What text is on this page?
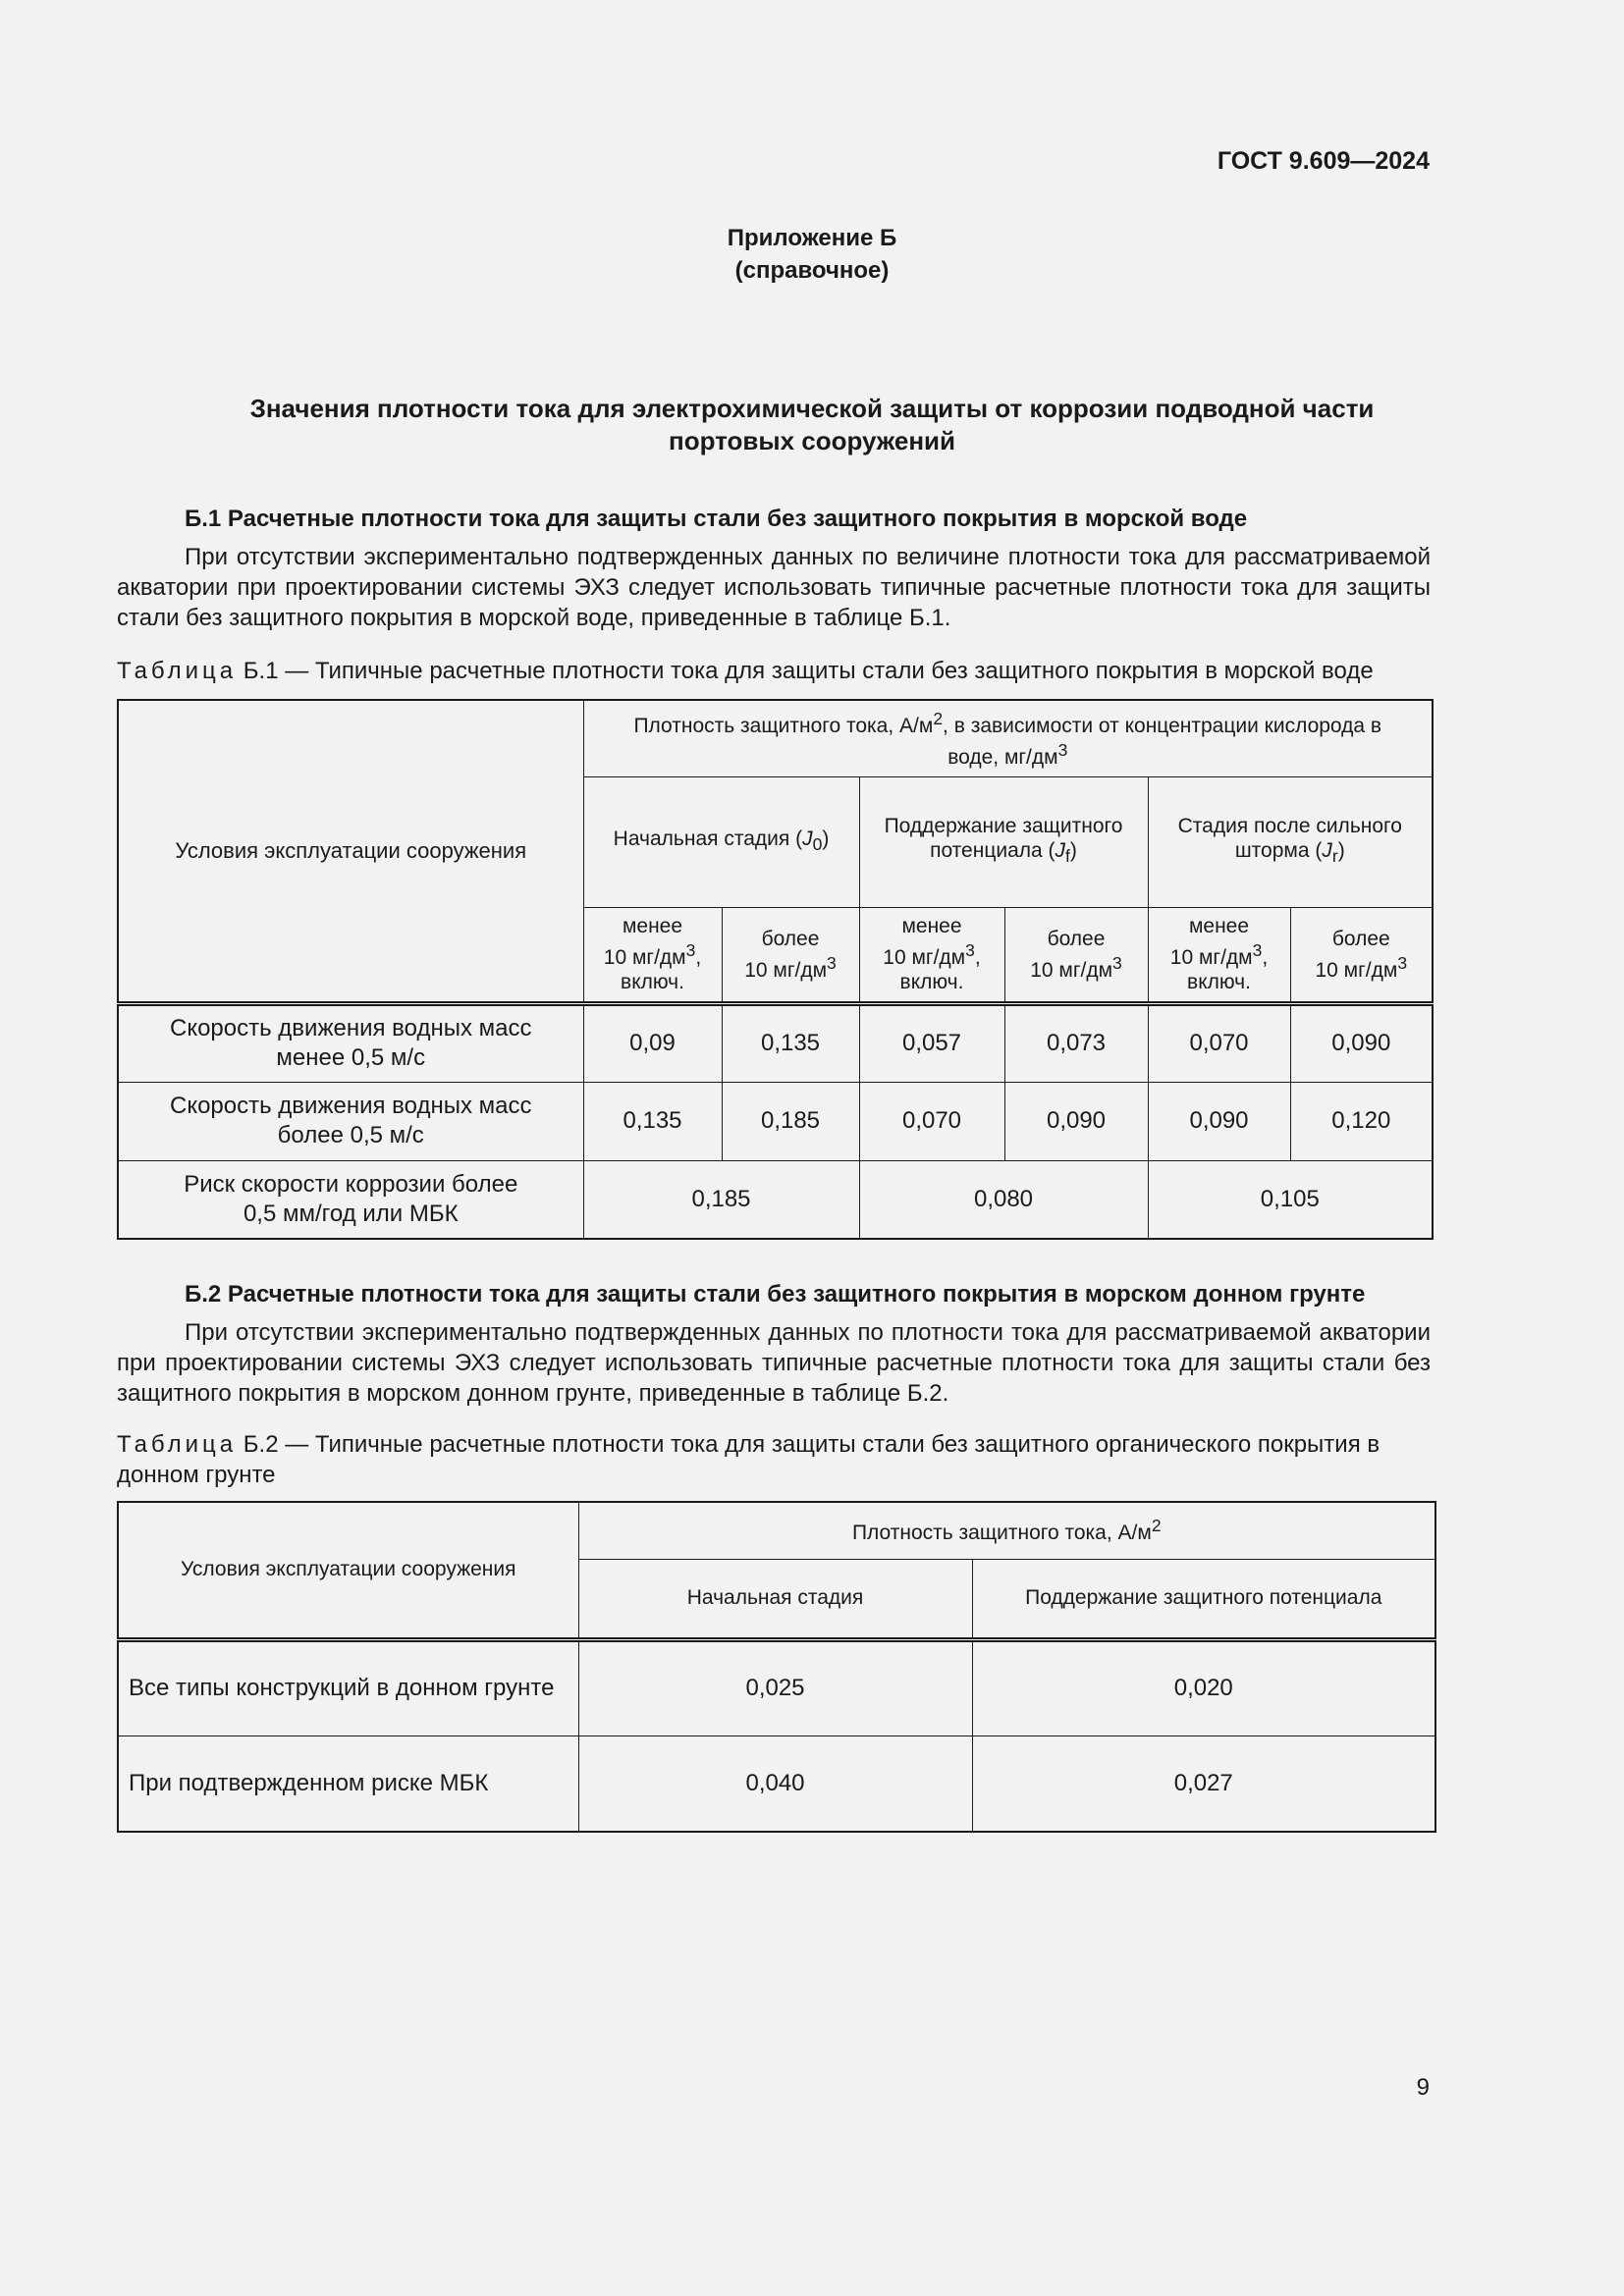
ГОСТ 9.609—2024
Приложение Б
(справочное)
Значения плотности тока для электрохимической защиты от коррозии подводной части
портовых сооружений
Б.1 Расчетные плотности тока для защиты стали без защитного покрытия в морской воде
При отсутствии экспериментально подтвержденных данных по величине плотности тока для рассматриваемой акватории при проектировании системы ЭХЗ следует использовать типичные расчетные плотности тока для защиты стали без защитного покрытия в морской воде, приведенные в таблице Б.1.
Таблица Б.1 — Типичные расчетные плотности тока для защиты стали без защитного покрытия в морской воде
Условия эксплуатации сооружения	Плотность защитного тока, $А/м^2$, в зависимости от концентрации кислорода в
воде, $мг/дм^3$
	Начальная стадия $(J_0)$		Поддержание защитного
потенциала $(J_f)$		Стадия после сильного
шторма $(J_r)$	

	менее
10 $мг/дм^3$,
включ.	более
10 $мг/дм^3$	менее
10 $мг/дм^3$,
включ.	более
10 $мг/дм^3$	менее
10 $мг/дм^3$,
включ.	более
10 $мг/дм^3$

Скорость движения водных масс
менее 0,5 м/с	0,09	0,135	0,057	0,073	0,070	0,090

Скорость движения водных масс
более 0,5 м/с	0,135	0,185	0,070	0,090	0,090	0,120

Риск скорости коррозии более
0,5 мм/год или МБК	0,185		0,080		0,105	
Б.2 Расчетные плотности тока для защиты стали без защитного покрытия в морском донном грунте
При отсутствии экспериментально подтвержденных данных по плотности тока для рассматриваемой акватории при проектировании системы ЭХЗ следует использовать типичные расчетные плотности тока для защиты стали без защитного покрытия в морском донном грунте, приведенные в таблице Б.2.
Таблица Б.2 — Типичные расчетные плотности тока для защиты стали без защитного органического покрытия в донном грунте
Условия эксплуатации сооружения	Плотность защитного тока, $А/м^2$
	Начальная стадия	Поддержание защитного потенциала
Все типы конструкций в донном грунте	0,025	0,020
При подтвержденном риске МБК	0,040	0,027
9
